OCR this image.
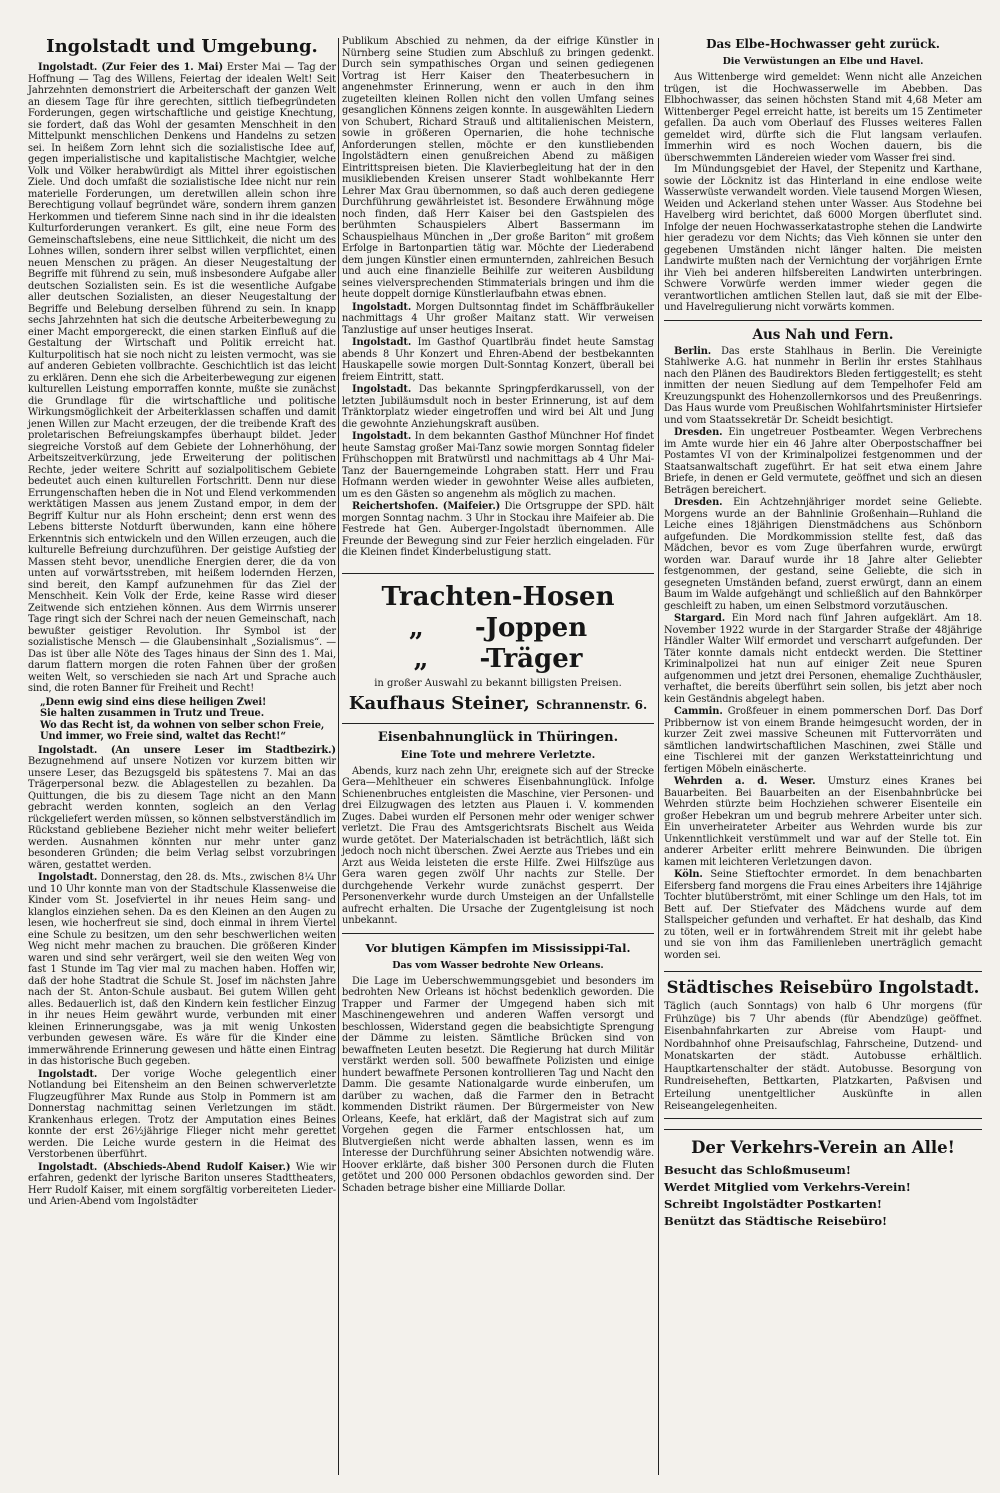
Ingolstadt und Umgebung.

Ingolstadt. (Zur Feier des 1. Mai) Erster Mai — Tag der Hoffnung — Tag des Willens, Feiertag der idealen Welt! Seit Jahrzehnten demonstriert die Arbeiterschaft der ganzen Welt an diesem Tage für ihre gerechten, sittlich tiefbegründeten Forderungen, gegen wirtschaftliche und geistige Knechtung, sie fordert, daß das Wohl der gesamten Menschheit in den Mittelpunkt menschlichen Denkens und Handelns zu setzen sei. In heißem Zorn lehnt sich die sozialistische Idee auf, gegen imperialistische und kapitalistische Machtgier, welche Volk und Völker herabwürdigt als Mittel ihrer egoistischen Ziele. Und doch umfaßt die sozialistische Idee nicht nur rein materielle Forderungen, um deretwillen allein schon ihre Berechtigung vollauf begründet wäre, sondern ihrem ganzen Herkommen und tieferem Sinne nach sind in ihr die idealsten Kulturforderungen verankert. Es gilt, eine neue Form des Gemeinschaftslebens, eine neue Sittlichkeit, die nicht um des Lohnes willen, sondern ihrer selbst willen verpflichtet, einen neuen Menschen zu prägen. An dieser Neugestaltung der Begriffe mit führend zu sein, muß insbesondere Aufgabe aller deutschen Sozialisten sein. Es ist die wesentliche Aufgabe aller deutschen Sozialisten, an dieser Neugestaltung der Begriffe und Belebung derselben führend zu sein. In knapp sechs Jahrzehnten hat sich die deutsche Arbeiterbewegung zu einer Macht emporgereckt, die einen starken Einfluß auf die Gestaltung der Wirtschaft und Politik erreicht hat. Kulturpolitisch hat sie noch nicht zu leisten vermocht, was sie auf anderen Gebieten vollbrachte. Geschichtlich ist das leicht zu erklären. Denn ehe sich die Arbeiterbewegung zur eigenen kulturellen Leistung emporraffen konnte, mußte sie zunächst die Grundlage für die wirtschaftliche und politische Wirkungsmöglichkeit der Arbeiterklassen schaffen und damit jenen Willen zur Macht erzeugen, der die treibende Kraft des proletarischen Befreiungskampfes überhaupt bildet. Jeder siegreiche Vorstoß auf dem Gebiete der Lohnerhöhung, der Arbeitszeitverkürzung, jede Erweiterung der politischen Rechte, jeder weitere Schritt auf sozialpolitischem Gebiete bedeutet auch einen kulturellen Fortschritt. Denn nur diese Errungenschaften heben die in Not und Elend verkommenden werktätigen Massen aus jenem Zustand empor, in dem der Begriff Kultur nur als Hohn erscheint; denn erst wenn des Lebens bitterste Notdurft überwunden, kann eine höhere Erkenntnis sich entwickeln und den Willen erzeugen, auch die kulturelle Befreiung durchzuführen. Der geistige Aufstieg der Massen steht bevor, unendliche Energien derer, die da von unten auf vorwärtsstreben, mit heißem lodernden Herzen, sind bereit, den Kampf aufzunehmen für das Ziel der Menschheit. Kein Volk der Erde, keine Rasse wird dieser Zeitwende sich entziehen können. Aus dem Wirrnis unserer Tage ringt sich der Schrei nach der neuen Gemeinschaft, nach bewußter geistiger Revolution. Ihr Symbol ist der sozialistische Mensch — die Glaubensinhalt „Sozialismus“. — Das ist über alle Nöte des Tages hinaus der Sinn des 1. Mai, darum flattern morgen die roten Fahnen über der großen weiten Welt, so verschieden sie nach Art und Sprache auch sind, die roten Banner für Freiheit und Recht!

„Denn ewig sind eins diese heiligen Zwei!
Sie halten zusammen in Trutz und Treue.
Wo das Recht ist, da wohnen von selber schon Freie,
Und immer, wo Freie sind, waltet das Recht!“

Ingolstadt. (An unsere Leser im Stadtbezirk.) Bezugnehmend auf unsere Notizen vor kurzem bitten wir unsere Leser, das Bezugsgeld bis spätestens 7. Mai an das Trägerpersonal bezw. die Ablagestellen zu bezahlen. Da Quittungen, die bis zu diesem Tage nicht an den Mann gebracht werden konnten, sogleich an den Verlag rückgeliefert werden müssen, so können selbstverständlich im Rückstand gebliebene Bezieher nicht mehr weiter beliefert werden. Ausnahmen könnten nur mehr unter ganz besonderen Gründen; die beim Verlag selbst vorzubringen wären, gestattet werden.

Ingolstadt. Donnerstag, den 28. ds. Mts., zwischen 8¼ Uhr und 10 Uhr konnte man von der Stadtschule Klassenweise die Kinder vom St. Josefviertel in ihr neues Heim sang- und klanglos einziehen sehen. Da es den Kleinen an den Augen zu lesen, wie hocherfreut sie sind, doch einmal in ihrem Viertel eine Schule zu besitzen, um den sehr beschwerlichen weiten Weg nicht mehr machen zu brauchen. Die größeren Kinder waren und sind sehr verärgert, weil sie den weiten Weg von fast 1 Stunde im Tag vier mal zu machen haben. Hoffen wir, daß der hohe Stadtrat die Schule St. Josef im nächsten Jahre nach der St. Anton-Schule ausbaut. Bei gutem Willen geht alles. Bedauerlich ist, daß den Kindern kein festlicher Einzug in ihr neues Heim gewährt wurde, verbunden mit einer kleinen Erinnerungsgabe, was ja mit wenig Unkosten verbunden gewesen wäre. Es wäre für die Kinder eine immerwährende Erinnerung gewesen und hätte einen Eintrag in das historische Buch gegeben.

Ingolstadt. Der vorige Woche gelegentlich einer Notlandung bei Eitensheim an den Beinen schwerverletzte Flugzeugführer Max Runde aus Stolp in Pommern ist am Donnerstag nachmittag seinen Verletzungen im städt. Krankenhaus erlegen. Trotz der Amputation eines Beines konnte der erst 26½jährige Flieger nicht mehr gerettet werden. Die Leiche wurde gestern in die Heimat des Verstorbenen überführt.

Ingolstadt. (Abschieds-Abend Rudolf Kaiser.) Wie wir erfahren, gedenkt der lyrische Bariton unseres Stadttheaters, Herr Rudolf Kaiser, mit einem sorgfältig vorbereiteten Lieder- und Arien-Abend vom Ingolstädter

Publikum Abschied zu nehmen, da der eifrige Künstler in Nürnberg seine Studien zum Abschluß zu bringen gedenkt. Durch sein sympathisches Organ und seinen gediegenen Vortrag ist Herr Kaiser den Theaterbesuchern in angenehmster Erinnerung, wenn er auch in den ihm zugeteilten kleinen Rollen nicht den vollen Umfang seines gesanglichen Könnens zeigen konnte. In ausgewählten Liedern von Schubert, Richard Strauß und altitalienischen Meistern, sowie in größeren Opernarien, die hohe technische Anforderungen stellen, möchte er den kunstliebenden Ingolstädtern einen genußreichen Abend zu mäßigen Eintrittspreisen bieten. Die Klavierbegleitung hat der in den musikliebenden Kreisen unserer Stadt wohlbekannte Herr Lehrer Max Grau übernommen, so daß auch deren gediegene Durchführung gewährleistet ist. Besondere Erwähnung möge noch finden, daß Herr Kaiser bei den Gastspielen des berühmten Schauspielers Albert Bassermann im Schauspielhaus München in „Der große Bariton“ mit großem Erfolge in Bartonpartien tätig war. Möchte der Liederabend dem jungen Künstler einen ermunternden, zahlreichen Besuch und auch eine finanzielle Beihilfe zur weiteren Ausbildung seines vielversprechenden Stimmaterials bringen und ihm die heute doppelt dornige Künstlerlaufbahn etwas ebnen.

Ingolstadt. Morgen Dultsonntag findet im Schäffbräukeller nachmittags 4 Uhr großer Maitanz statt. Wir verweisen Tanzlustige auf unser heutiges Inserat.

Ingolstadt. Im Gasthof Quartlbräu findet heute Samstag abends 8 Uhr Konzert und Ehren-Abend der bestbekannten Hauskapelle sowie morgen Dult-Sonntag Konzert, überall bei freiem Eintritt, statt.

Ingolstadt. Das bekannte Springpferdkarussell, von der letzten Jubiläumsdult noch in bester Erinnerung, ist auf dem Tränktorplatz wieder eingetroffen und wird bei Alt und Jung die gewohnte Anziehungskraft ausüben.

Ingolstadt. In dem bekannten Gasthof Münchner Hof findet heute Samstag großer Mai-Tanz sowie morgen Sonntag fideler Frühschoppen mit Bratwürstl und nachmittags ab 4 Uhr Mai-Tanz der Bauerngemeinde Lohgraben statt. Herr und Frau Hofmann werden wieder in gewohnter Weise alles aufbieten, um es den Gästen so angenehm als möglich zu machen.

Reichertshofen. (Maifeier.) Die Ortsgruppe der SPD. hält morgen Sonntag nachm. 3 Uhr in Stockau ihre Maifeier ab. Die Festrede hat Gen. Auberger-Ingolstadt übernommen. Alle Freunde der Bewegung sind zur Feier herzlich eingeladen. Für die Kleinen findet Kinderbelustigung statt.

Trachten-Hosen
„	-Joppen
„	-Träger
in großer Auswahl zu bekannt billigsten Preisen.
Kaufhaus Steiner, Schrannenstr. 6.
Eisenbahnunglück in Thüringen.
Eine Tote und mehrere Verletzte.

Abends, kurz nach zehn Uhr, ereignete sich auf der Strecke Gera—Mehltheuer ein schweres Eisenbahnunglück. Infolge Schienenbruches entgleisten die Maschine, vier Personen- und drei Eilzugwagen des letzten aus Plauen i. V. kommenden Zuges. Dabei wurden elf Personen mehr oder weniger schwer verletzt. Die Frau des Amtsgerichtsrats Bischelt aus Weida wurde getötet. Der Materialschaden ist beträchtlich, läßt sich jedoch noch nicht überschen. Zwei Aerzte aus Triebes und ein Arzt aus Weida leisteten die erste Hilfe. Zwei Hilfszüge aus Gera waren gegen zwölf Uhr nachts zur Stelle. Der durchgehende Verkehr wurde zunächst gesperrt. Der Personenverkehr wurde durch Umsteigen an der Unfallstelle aufrecht erhalten. Die Ursache der Zugentgleisung ist noch unbekannt.

Vor blutigen Kämpfen im Mississippi-Tal.
Das vom Wasser bedrohte New Orleans.

Die Lage im Ueberschwemmungsgebiet und besonders im bedrohten New Orleans ist höchst bedenklich geworden. Die Trapper und Farmer der Umgegend haben sich mit Maschinengewehren und anderen Waffen versorgt und beschlossen, Widerstand gegen die beabsichtigte Sprengung der Dämme zu leisten. Sämtliche Brücken sind von bewaffneten Leuten besetzt. Die Regierung hat durch Militär verstärkt werden soll. 500 bewaffnete Polizisten und einige hundert bewaffnete Personen kontrollieren Tag und Nacht den Damm. Die gesamte Nationalgarde wurde einberufen, um darüber zu wachen, daß die Farmer den in Betracht kommenden Distrikt räumen. Der Bürgermeister von New Orleans, Keefe, hat erklärt, daß der Magistrat sich auf zum Vorgehen gegen die Farmer entschlossen hat, um Blutvergießen nicht werde abhalten lassen, wenn es im Interesse der Durchführung seiner Absichten notwendig wäre. Hoover erklärte, daß bisher 300 Personen durch die Fluten getötet und 200 000 Personen obdachlos geworden sind. Der Schaden betrage bisher eine Milliarde Dollar.

Das Elbe-Hochwasser geht zurück.
Die Verwüstungen an Elbe und Havel.

Aus Wittenberge wird gemeldet: Wenn nicht alle Anzeichen trügen, ist die Hochwasserwelle im Abebben. Das Elbhochwasser, das seinen höchsten Stand mit 4,68 Meter am Wittenberger Pegel erreicht hatte, ist bereits um 15 Zentimeter gefallen. Da auch vom Oberlauf des Flusses weiteres Fallen gemeldet wird, dürfte sich die Flut langsam verlaufen. Immerhin wird es noch Wochen dauern, bis die überschwemmten Ländereien wieder vom Wasser frei sind.

Im Mündungsgebiet der Havel, der Stepenitz und Karthane, sowie der Löcknitz ist das Hinterland in eine endlose weite Wasserwüste verwandelt worden. Viele tausend Morgen Wiesen, Weiden und Ackerland stehen unter Wasser. Aus Stodehne bei Havelberg wird berichtet, daß 6000 Morgen überflutet sind. Infolge der neuen Hochwasserkatastrophe stehen die Landwirte hier geradezu vor dem Nichts; das Vieh können sie unter den gegebenen Umständen nicht länger halten. Die meisten Landwirte mußten nach der Vernichtung der vorjährigen Ernte ihr Vieh bei anderen hilfsbereiten Landwirten unterbringen. Schwere Vorwürfe werden immer wieder gegen die verantwortlichen amtlichen Stellen laut, daß sie mit der Elbe- und Havelregulierung nicht vorwärts kommen.

Aus Nah und Fern.

Berlin. Das erste Stahlhaus in Berlin. Die Vereinigte Stahlwerke A.G. hat nunmehr in Berlin ihr erstes Stahlhaus nach den Plänen des Baudirektors Bleden fertiggestellt; es steht inmitten der neuen Siedlung auf dem Tempelhofer Feld am Kreuzungspunkt des Hohenzollernkorsos und des Preußenrings. Das Haus wurde vom Preußischen Wohlfahrtsminister Hirtsiefer und vom Staatssekretär Dr. Scheidt besichtigt.

Dresden. Ein ungetreuer Postbeamter. Wegen Verbrechens im Amte wurde hier ein 46 Jahre alter Oberpostschaffner bei Postamtes VI von der Kriminalpolizei festgenommen und der Staatsanwaltschaft zugeführt. Er hat seit etwa einem Jahre Briefe, in denen er Geld vermutete, geöffnet und sich an diesen Beträgen bereichert.

Dresden. Ein Achtzehnjähriger mordet seine Geliebte. Morgens wurde an der Bahnlinie Großenhain—Ruhland die Leiche eines 18jährigen Dienstmädchens aus Schönborn aufgefunden. Die Mordkommission stellte fest, daß das Mädchen, bevor es vom Zuge überfahren wurde, erwürgt worden war. Darauf wurde ihr 18 Jahre alter Geliebter festgenommen, der gestand, seine Geliebte, die sich in gesegneten Umständen befand, zuerst erwürgt, dann an einem Baum im Walde aufgehängt und schließlich auf den Bahnkörper geschleift zu haben, um einen Selbstmord vorzutäuschen.

Stargard. Ein Mord nach fünf Jahren aufgeklärt. Am 18. November 1922 wurde in der Stargarder Straße der 48jährige Händler Walter Wilf ermordet und verscharrt aufgefunden. Der Täter konnte damals nicht entdeckt werden. Die Stettiner Kriminalpolizei hat nun auf einiger Zeit neue Spuren aufgenommen und jetzt drei Personen, ehemalige Zuchthäusler, verhaftet, die bereits überführt sein sollen, bis jetzt aber noch kein Geständnis abgelegt haben.

Cammin. Großfeuer in einem pommerschen Dorf. Das Dorf Pribbernow ist von einem Brande heimgesucht worden, der in kurzer Zeit zwei massive Scheunen mit Futtervorräten und sämtlichen landwirtschaftlichen Maschinen, zwei Ställe und eine Tischlerei mit der ganzen Werkstatteinrichtung und fertigen Möbeln einäscherte.

Wehrden a. d. Weser. Umsturz eines Kranes bei Bauarbeiten. Bei Bauarbeiten an der Eisenbahnbrücke bei Wehrden stürzte beim Hochziehen schwerer Eisenteile ein großer Hebekran um und begrub mehrere Arbeiter unter sich. Ein unverheirateter Arbeiter aus Wehrden wurde bis zur Unkenntlichkeit verstümmelt und war auf der Stelle tot. Ein anderer Arbeiter erlitt mehrere Beinwunden. Die übrigen kamen mit leichteren Verletzungen davon.

Köln. Seine Stieftochter ermordet. In dem benachbarten Eifersberg fand morgens die Frau eines Arbeiters ihre 14jährige Tochter blutüberströmt, mit einer Schlinge um den Hals, tot im Bett auf. Der Stiefvater des Mädchens wurde auf dem Stallspeicher gefunden und verhaftet. Er hat deshalb, das Kind zu töten, weil er in fortwährendem Streit mit ihr gelebt habe und sie von ihm das Familienleben unerträglich gemacht worden sei.

Städtisches Reisebüro Ingolstadt.

Täglich (auch Sonntags) von halb 6 Uhr morgens (für Frühzüge) bis 7 Uhr abends (für Abendzüge) geöffnet. Eisenbahnfahrkarten zur Abreise vom Haupt- und Nordbahnhof ohne Preisaufschlag, Fahrscheine, Dutzend- und Monatskarten der städt. Autobusse erhältlich. Hauptkartenschalter der städt. Autobusse. Besorgung von Rundreiseheften, Bettkarten, Platzkarten, Paßvisen und Erteilung unentgeltlicher Auskünfte in allen Reiseangelegenheiten.

Der Verkehrs-Verein an Alle!
Besucht das Schloßmuseum!
Werdet Mitglied vom Verkehrs-Verein!
Schreibt Ingolstädter Postkarten!
Benützt das Städtische Reisebüro!
